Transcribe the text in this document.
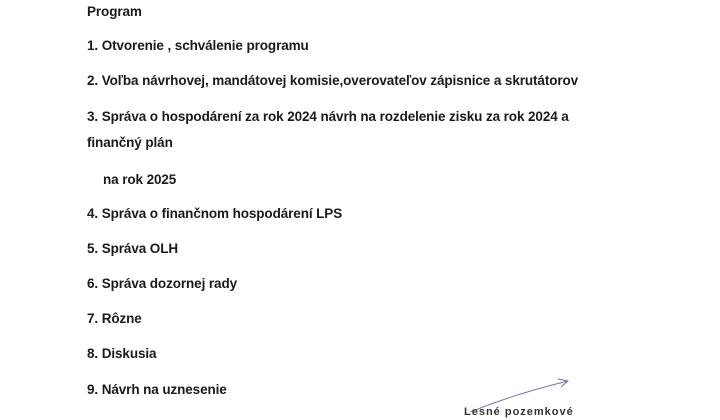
Program
1. Otvorenie , schválenie programu
2. Voľba návrhovej, mandátovej komisie,overovateľov zápisnice a skrutátorov
3. Správa o hospodárení za rok 2024 návrh na rozdelenie zisku za rok 2024 a
finančný plán
na rok 2025
4. Správa o finančnom hospodárení LPS
5. Správa OLH
6. Správa dozornej rady
7. Rôzne
8. Diskusia
9. Návrh na uznesenie
Lesné pozemkové
